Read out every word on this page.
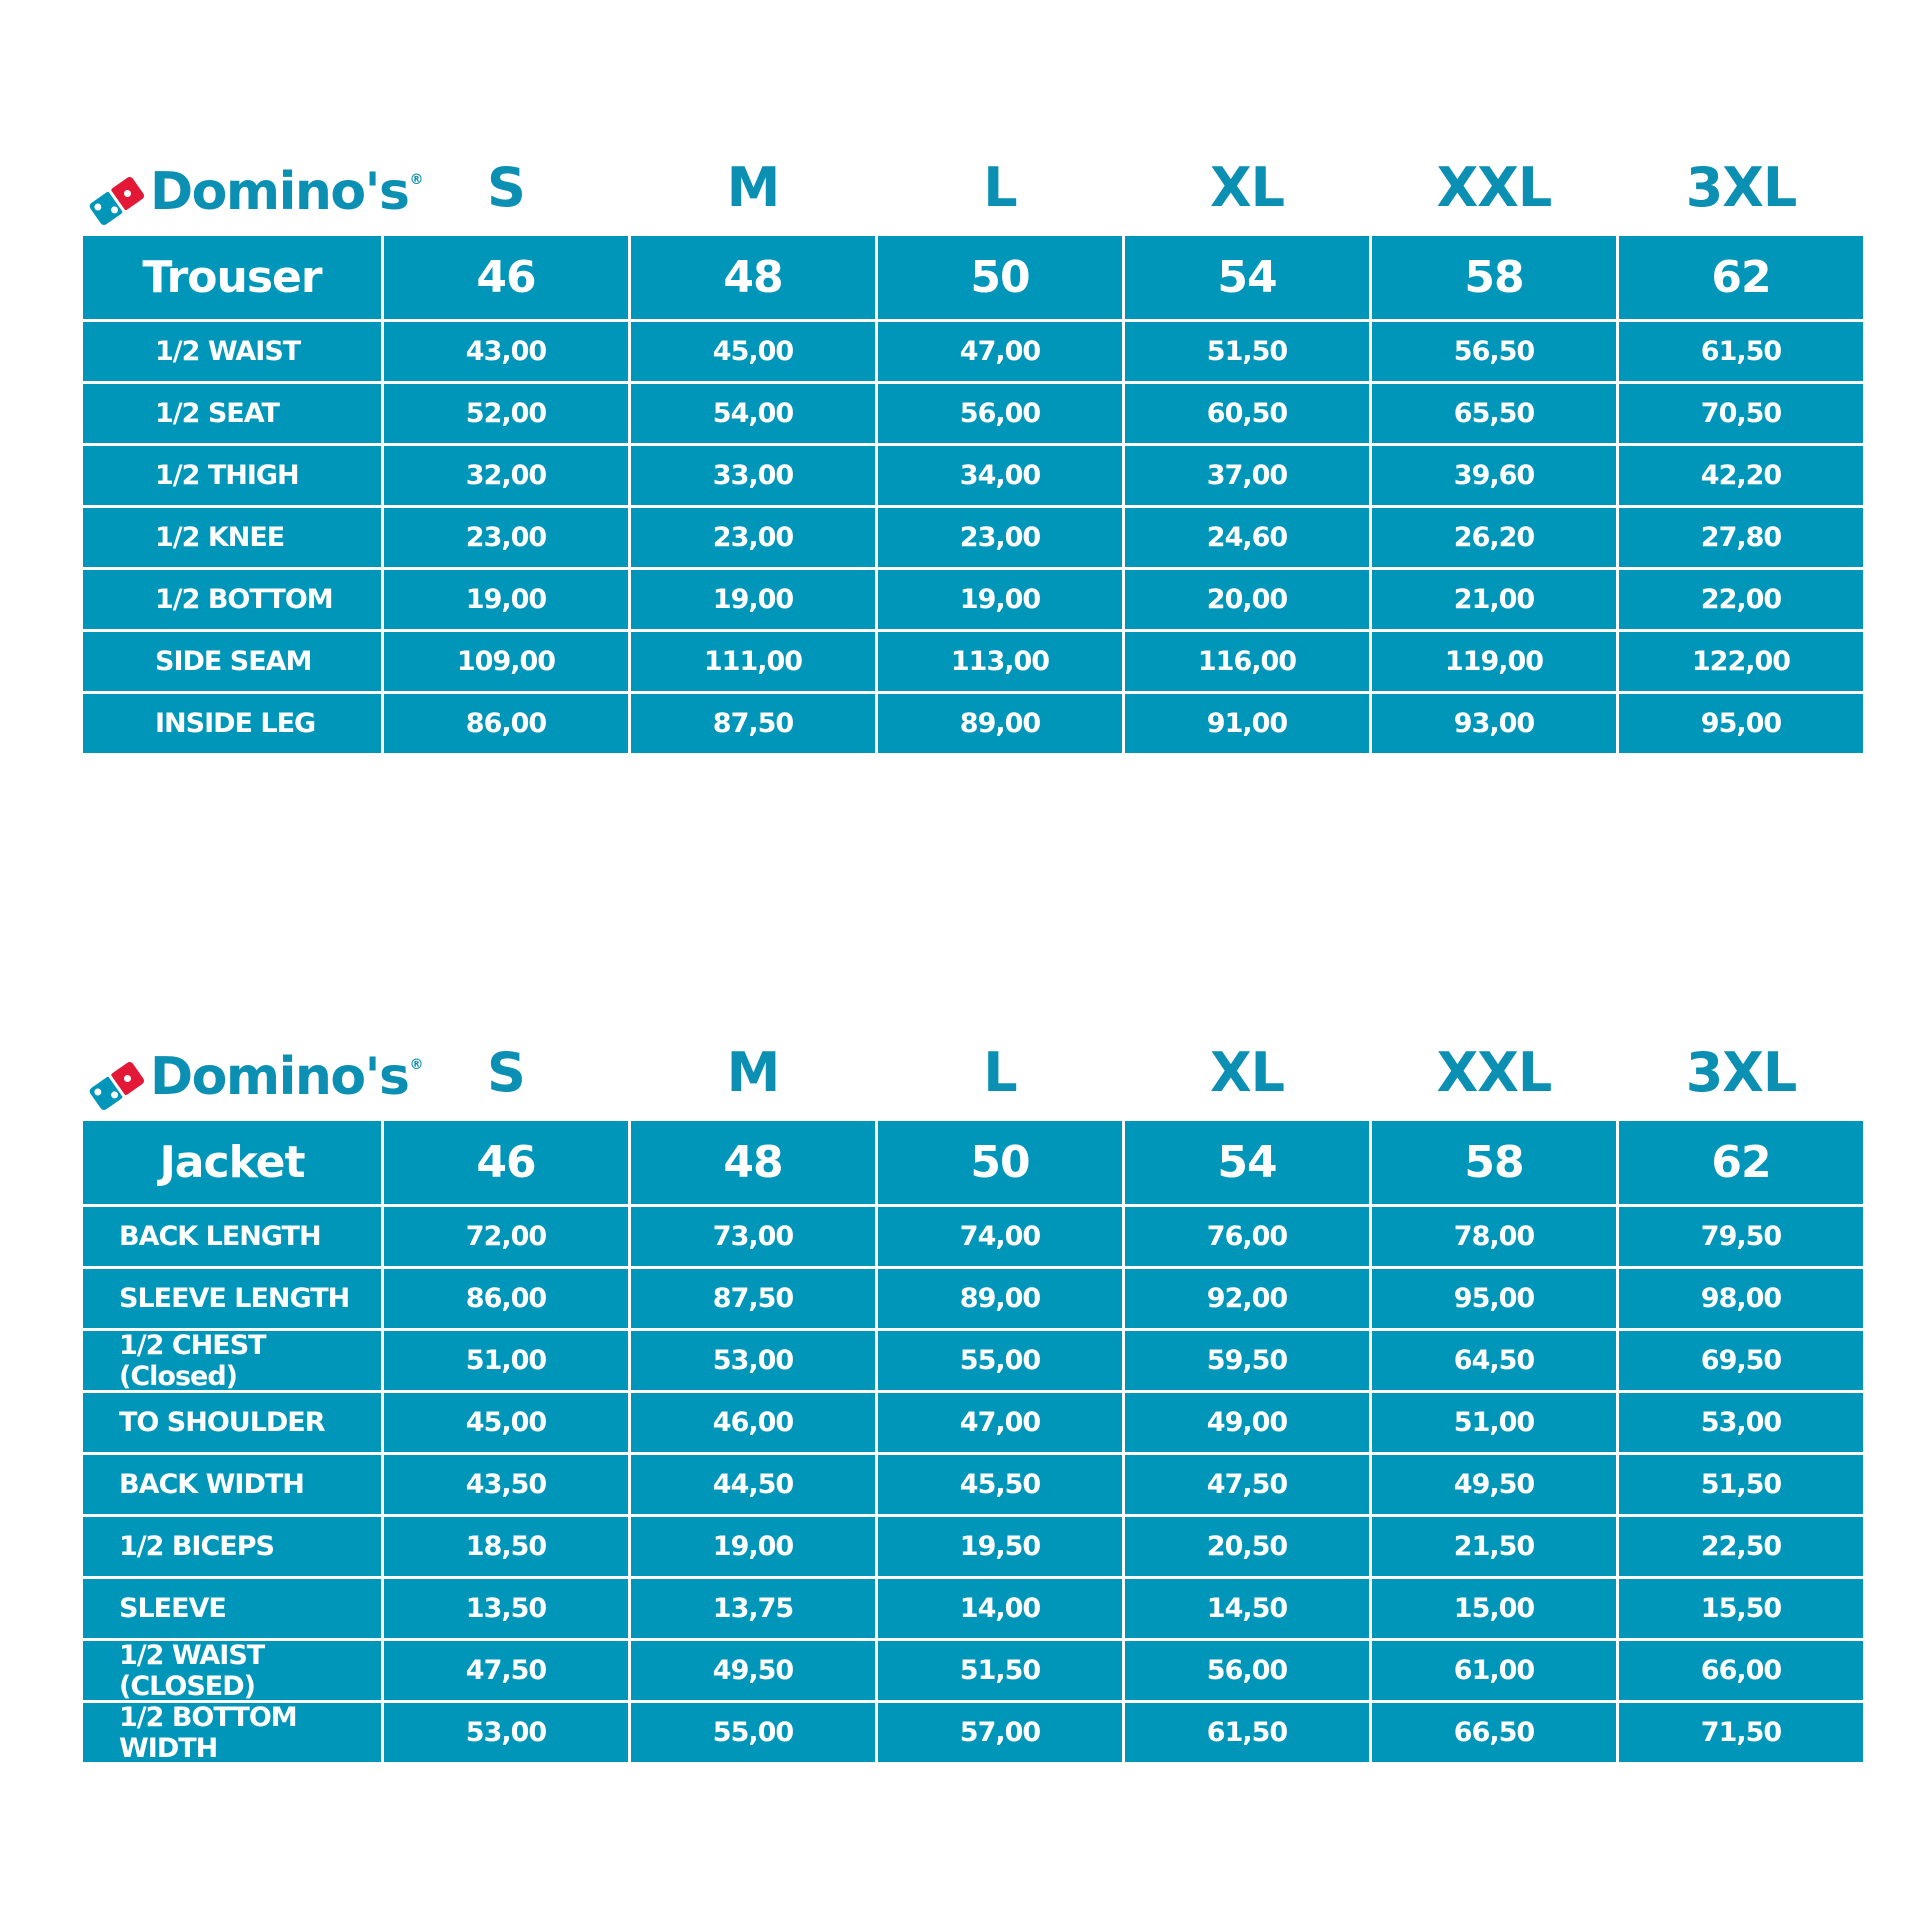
Domino's®	S	M	L	XL	XXL	3XL
Trouser	46	48	50	54	58	62
1/2 WAIST	43,00	45,00	47,00	51,50	56,50	61,50
1/2 SEAT	52,00	54,00	56,00	60,50	65,50	70,50
1/2 THIGH	32,00	33,00	34,00	37,00	39,60	42,20
1/2 KNEE	23,00	23,00	23,00	24,60	26,20	27,80
1/2 BOTTOM	19,00	19,00	19,00	20,00	21,00	22,00
SIDE SEAM	109,00	111,00	113,00	116,00	119,00	122,00
INSIDE LEG	86,00	87,50	89,00	91,00	93,00	95,00
Domino's®	S	M	L	XL	XXL	3XL
Jacket	46	48	50	54	58	62
BACK LENGTH	72,00	73,00	74,00	76,00	78,00	79,50
SLEEVE LENGTH	86,00	87,50	89,00	92,00	95,00	98,00
1/2 CHEST (Closed)	51,00	53,00	55,00	59,50	64,50	69,50
TO SHOULDER	45,00	46,00	47,00	49,00	51,00	53,00
BACK WIDTH	43,50	44,50	45,50	47,50	49,50	51,50
1/2 BICEPS	18,50	19,00	19,50	20,50	21,50	22,50
SLEEVE	13,50	13,75	14,00	14,50	15,00	15,50
1/2 WAIST (CLOSED)	47,50	49,50	51,50	56,00	61,00	66,00
1/2 BOTTOM WIDTH	53,00	55,00	57,00	61,50	66,50	71,50
